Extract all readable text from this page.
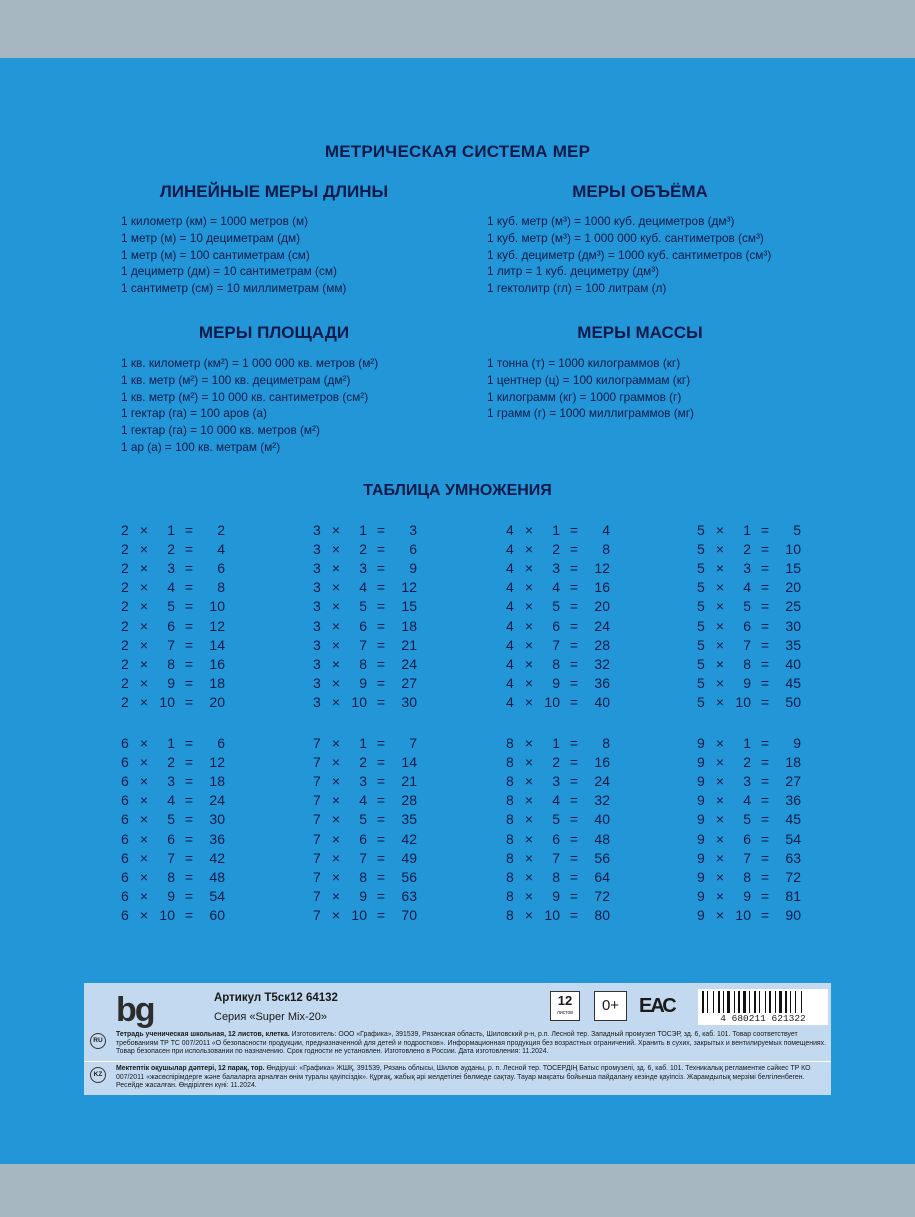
МЕТРИЧЕСКАЯ СИСТЕМА МЕР
ЛИНЕЙНЫЕ МЕРЫ ДЛИНЫ
1 километр (км) = 1000 метров (м)
1 метр (м) = 10 дециметрам (дм)
1 метр (м) = 100 сантиметрам (см)
1 дециметр (дм) = 10 сантиметрам (см)
1 сантиметр (см) = 10 миллиметрам (мм)
МЕРЫ ОБЪЁМА
1 куб. метр (м³) = 1000 куб. дециметров (дм³)
1 куб. метр (м³) = 1 000 000 куб. сантиметров (см³)
1 куб. дециметр (дм³) = 1000 куб. сантиметров (см³)
1 литр = 1 куб. дециметру (дм³)
1 гектолитр (гл) = 100 литрам (л)
МЕРЫ ПЛОЩАДИ
1 кв. километр (км²) = 1 000 000 кв. метров (м²)
1 кв. метр (м²) = 100 кв. дециметрам (дм²)
1 кв. метр (м²) = 10 000 кв. сантиметров (см²)
1 гектар (га) = 100 аров (а)
1 гектар (га) = 10 000 кв. метров (м²)
1 ар (а) = 100 кв. метрам (м²)
МЕРЫ МАССЫ
1 тонна (т) = 1000 килограммов (кг)
1 центнер (ц) = 100 килограммам (кг)
1 килограмм (кг) = 1000 граммов (г)
1 грамм (г) = 1000 миллиграммов (мг)
ТАБЛИЦА УМНОЖЕНИЯ
2 ×	1 =	2
2 ×	2 =	4
2 ×	3 =	6
2 ×	4 =	8
2 ×	5 =	10
2 ×	6 =	12
2 ×	7 =	14
2 ×	8 =	16
2 ×	9 =	18
2 × 10 =	20
3 ×	1 =	3
3 ×	2 =	6
3 ×	3 =	9
3 ×	4 =	12
3 ×	5 =	15
3 ×	6 =	18
3 ×	7 =	21
3 ×	8 =	24
3 ×	9 =	27
3 × 10 =	30
4 ×	1 =	4
4 ×	2 =	8
4 ×	3 =	12
4 ×	4 =	16
4 ×	5 =	20
4 ×	6 =	24
4 ×	7 =	28
4 ×	8 =	32
4 ×	9 =	36
4 × 10 =	40
5 ×	1 =	5
5 ×	2 =	10
5 ×	3 =	15
5 ×	4 =	20
5 ×	5 =	25
5 ×	6 =	30
5 ×	7 =	35
5 ×	8 =	40
5 ×	9 =	45
5 × 10 =	50
6 ×	1 =	6
6 ×	2 =	12
6 ×	3 =	18
6 ×	4 =	24
6 ×	5 =	30
6 ×	6 =	36
6 ×	7 =	42
6 ×	8 =	48
6 ×	9 =	54
6 × 10 =	60
7 ×	1 =	7
7 ×	2 =	14
7 ×	3 =	21
7 ×	4 =	28
7 ×	5 =	35
7 ×	6 =	42
7 ×	7 =	49
7 ×	8 =	56
7 ×	9 =	63
7 × 10 =	70
8 ×	1 =	8
8 ×	2 =	16
8 ×	3 =	24
8 ×	4 =	32
8 ×	5 =	40
8 ×	6 =	48
8 ×	7 =	56
8 ×	8 =	64
8 ×	9 =	72
8 × 10 =	80
9 ×	1 =	9
9 ×	2 =	18
9 ×	3 =	27
9 ×	4 =	36
9 ×	5 =	45
9 ×	6 =	54
9 ×	7 =	63
9 ×	8 =	72
9 ×	9 =	81
9 × 10 =	90
bg	Артикул T5ск12 64132
Серия «Super Mix-20»
12
листов	0+ ЕАС
4 680211 621322
RU
Тетрадь ученическая школьная, 12 листов, клетка. Изготовитель: ООО «Графика», 391539, Рязанская область, Шиловский р-н, р.п. Лесной тер. Западный промузел ТОСЭР, зд. 6, каб. 101. Товар соответствует требованиям ТР ТС 007/2011 «О безопасности продукции, предназначенной для детей и подростков». Информационная продукция без возрастных ограничений. Хранить в сухих, закрытых и вентилируемых помещениях. Товар безопасен при использовании по назначению. Срок годности не установлен. Изготовлено в России. Дата изготовления: 11.2024.
KZ
Мектептік оқушылар дәптері, 12 парақ, тор. Өндіруші: «Графика» ЖШҚ, 391539, Рязань облысы, Шилов ауданы, р. п. Лесной тер. ТОСЕРДІҢ Батыс промузелі, зд. 6, каб. 101. Техникалық регламентке сәйкес ТР КО 007/2011 «жасөспірімдерге және балаларға арналған өнім туралы қауіпсіздік». Құрғақ, жабық әрі желдетілеі бөлмеде сақтау. Тауар мақсаты бойынша пайдалану кезінде қауіпсіз. Жарамдылық мерзімі белгіленбеген. Ресейде жасалған. Өндірілген күні: 11.2024.
